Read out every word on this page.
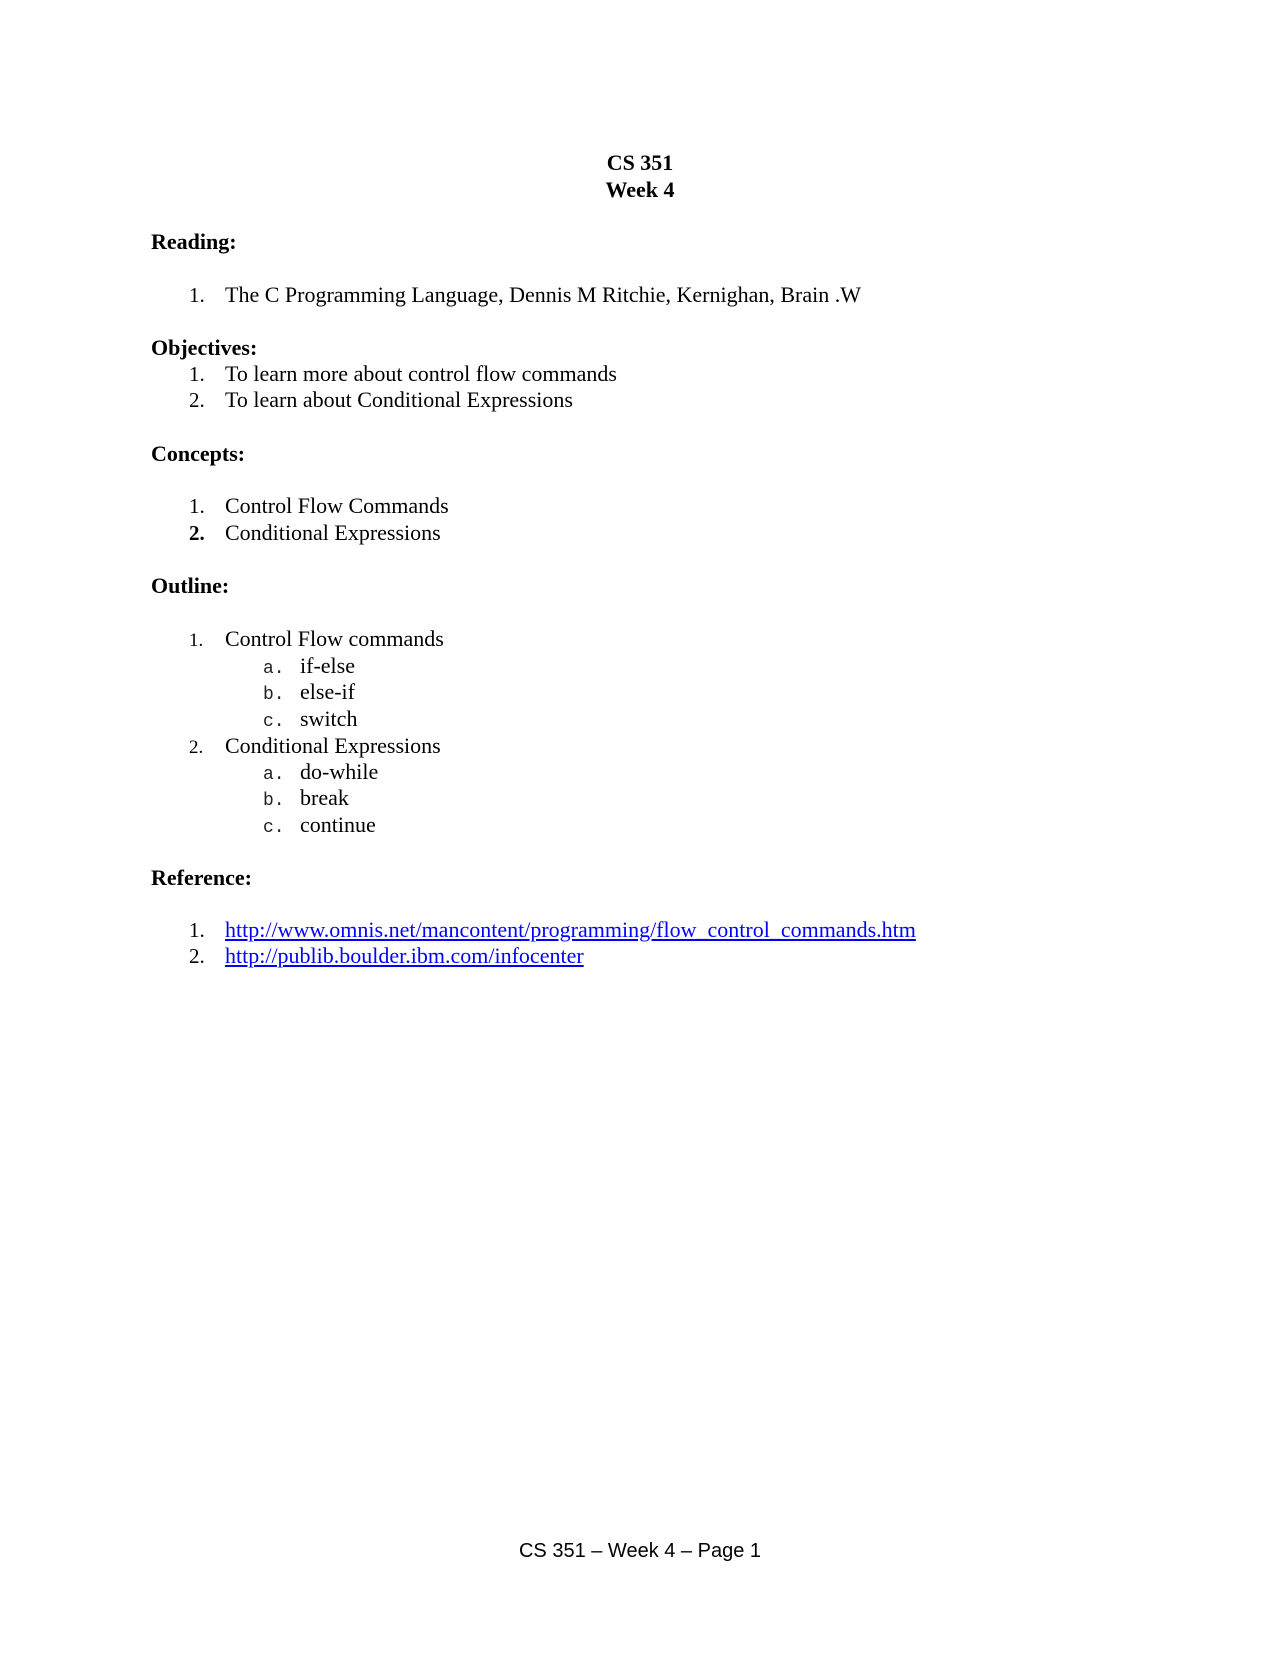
CS 351
Week 4
Reading:
1. The C Programming Language, Dennis M Ritchie, Kernighan, Brain .W
Objectives:
1. To learn more about control flow commands
2. To learn about Conditional Expressions
Concepts:
1. Control Flow Commands
2. Conditional Expressions
Outline:
1. Control Flow commands
a. if-else
b. else-if
c. switch
2. Conditional Expressions
a. do-while
b. break
c. continue
Reference:
1. http://www.omnis.net/mancontent/programming/flow_control_commands.htm
2. http://publib.boulder.ibm.com/infocenter
CS 351 – Week 4 – Page 1
